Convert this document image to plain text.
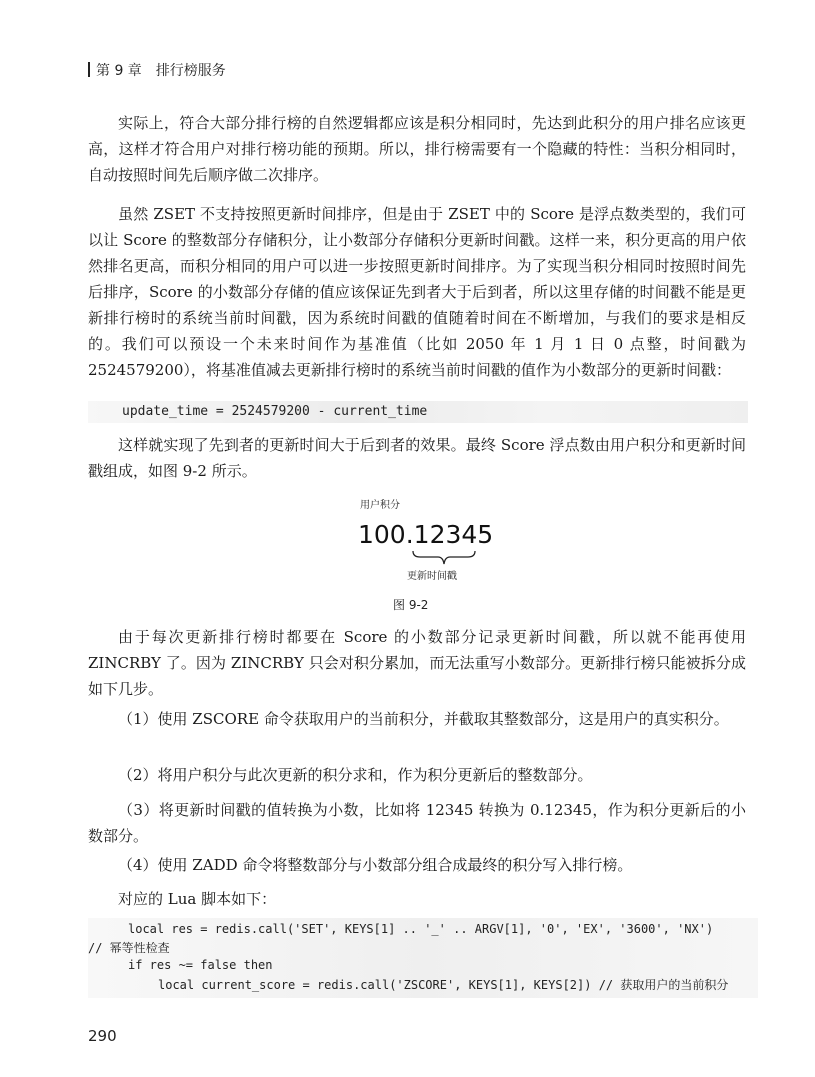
第 9 章 排行榜服务

实际上，符合大部分排行榜的自然逻辑都应该是积分相同时，先达到此积分的用户排名应该更高，这样才符合用户对排行榜功能的预期。所以，排行榜需要有一个隐藏的特性：当积分相同时，自动按照时间先后顺序做二次排序。

虽然 ZSET 不支持按照更新时间排序，但是由于 ZSET 中的 Score 是浮点数类型的，我们可以让 Score 的整数部分存储积分，让小数部分存储积分更新时间戳。这样一来，积分更高的用户依然排名更高，而积分相同的用户可以进一步按照更新时间排序。为了实现当积分相同时按照时间先后排序，Score 的小数部分存储的值应该保证先到者大于后到者，所以这里存储的时间戳不能是更新排行榜时的系统当前时间戳，因为系统时间戳的值随着时间在不断增加，与我们的要求是相反的。我们可以预设一个未来时间作为基准值（比如 2050 年 1 月 1 日 0 点整，时间戳为 2524579200），将基准值减去更新排行榜时的系统当前时间戳的值作为小数部分的更新时间戳：

update_time = 2524579200 - current_time

这样就实现了先到者的更新时间大于后到者的效果。最终 Score 浮点数由用户积分和更新时间戳组成，如图 9-2 所示。

用户积分
100.12345
更新时间戳
图 9-2

由于每次更新排行榜时都要在 Score 的小数部分记录更新时间戳，所以就不能再使用 ZINCRBY 了。因为 ZINCRBY 只会对积分累加，而无法重写小数部分。更新排行榜只能被拆分成如下几步。

（1）使用 ZSCORE 命令获取用户的当前积分，并截取其整数部分，这是用户的真实积分。

（2）将用户积分与此次更新的积分求和，作为积分更新后的整数部分。

（3）将更新时间戳的值转换为小数，比如将 12345 转换为 0.12345，作为积分更新后的小数部分。

（4）使用 ZADD 命令将整数部分与小数部分组合成最终的积分写入排行榜。

对应的 Lua 脚本如下：

local res = redis.call('SET', KEYS[1] .. '_' .. ARGV[1], '0', 'EX', '3600', 'NX')
// 幂等性检查
if res ~= false then
local current_score = redis.call('ZSCORE', KEYS[1], KEYS[2]) // 获取用户的当前积分
290
